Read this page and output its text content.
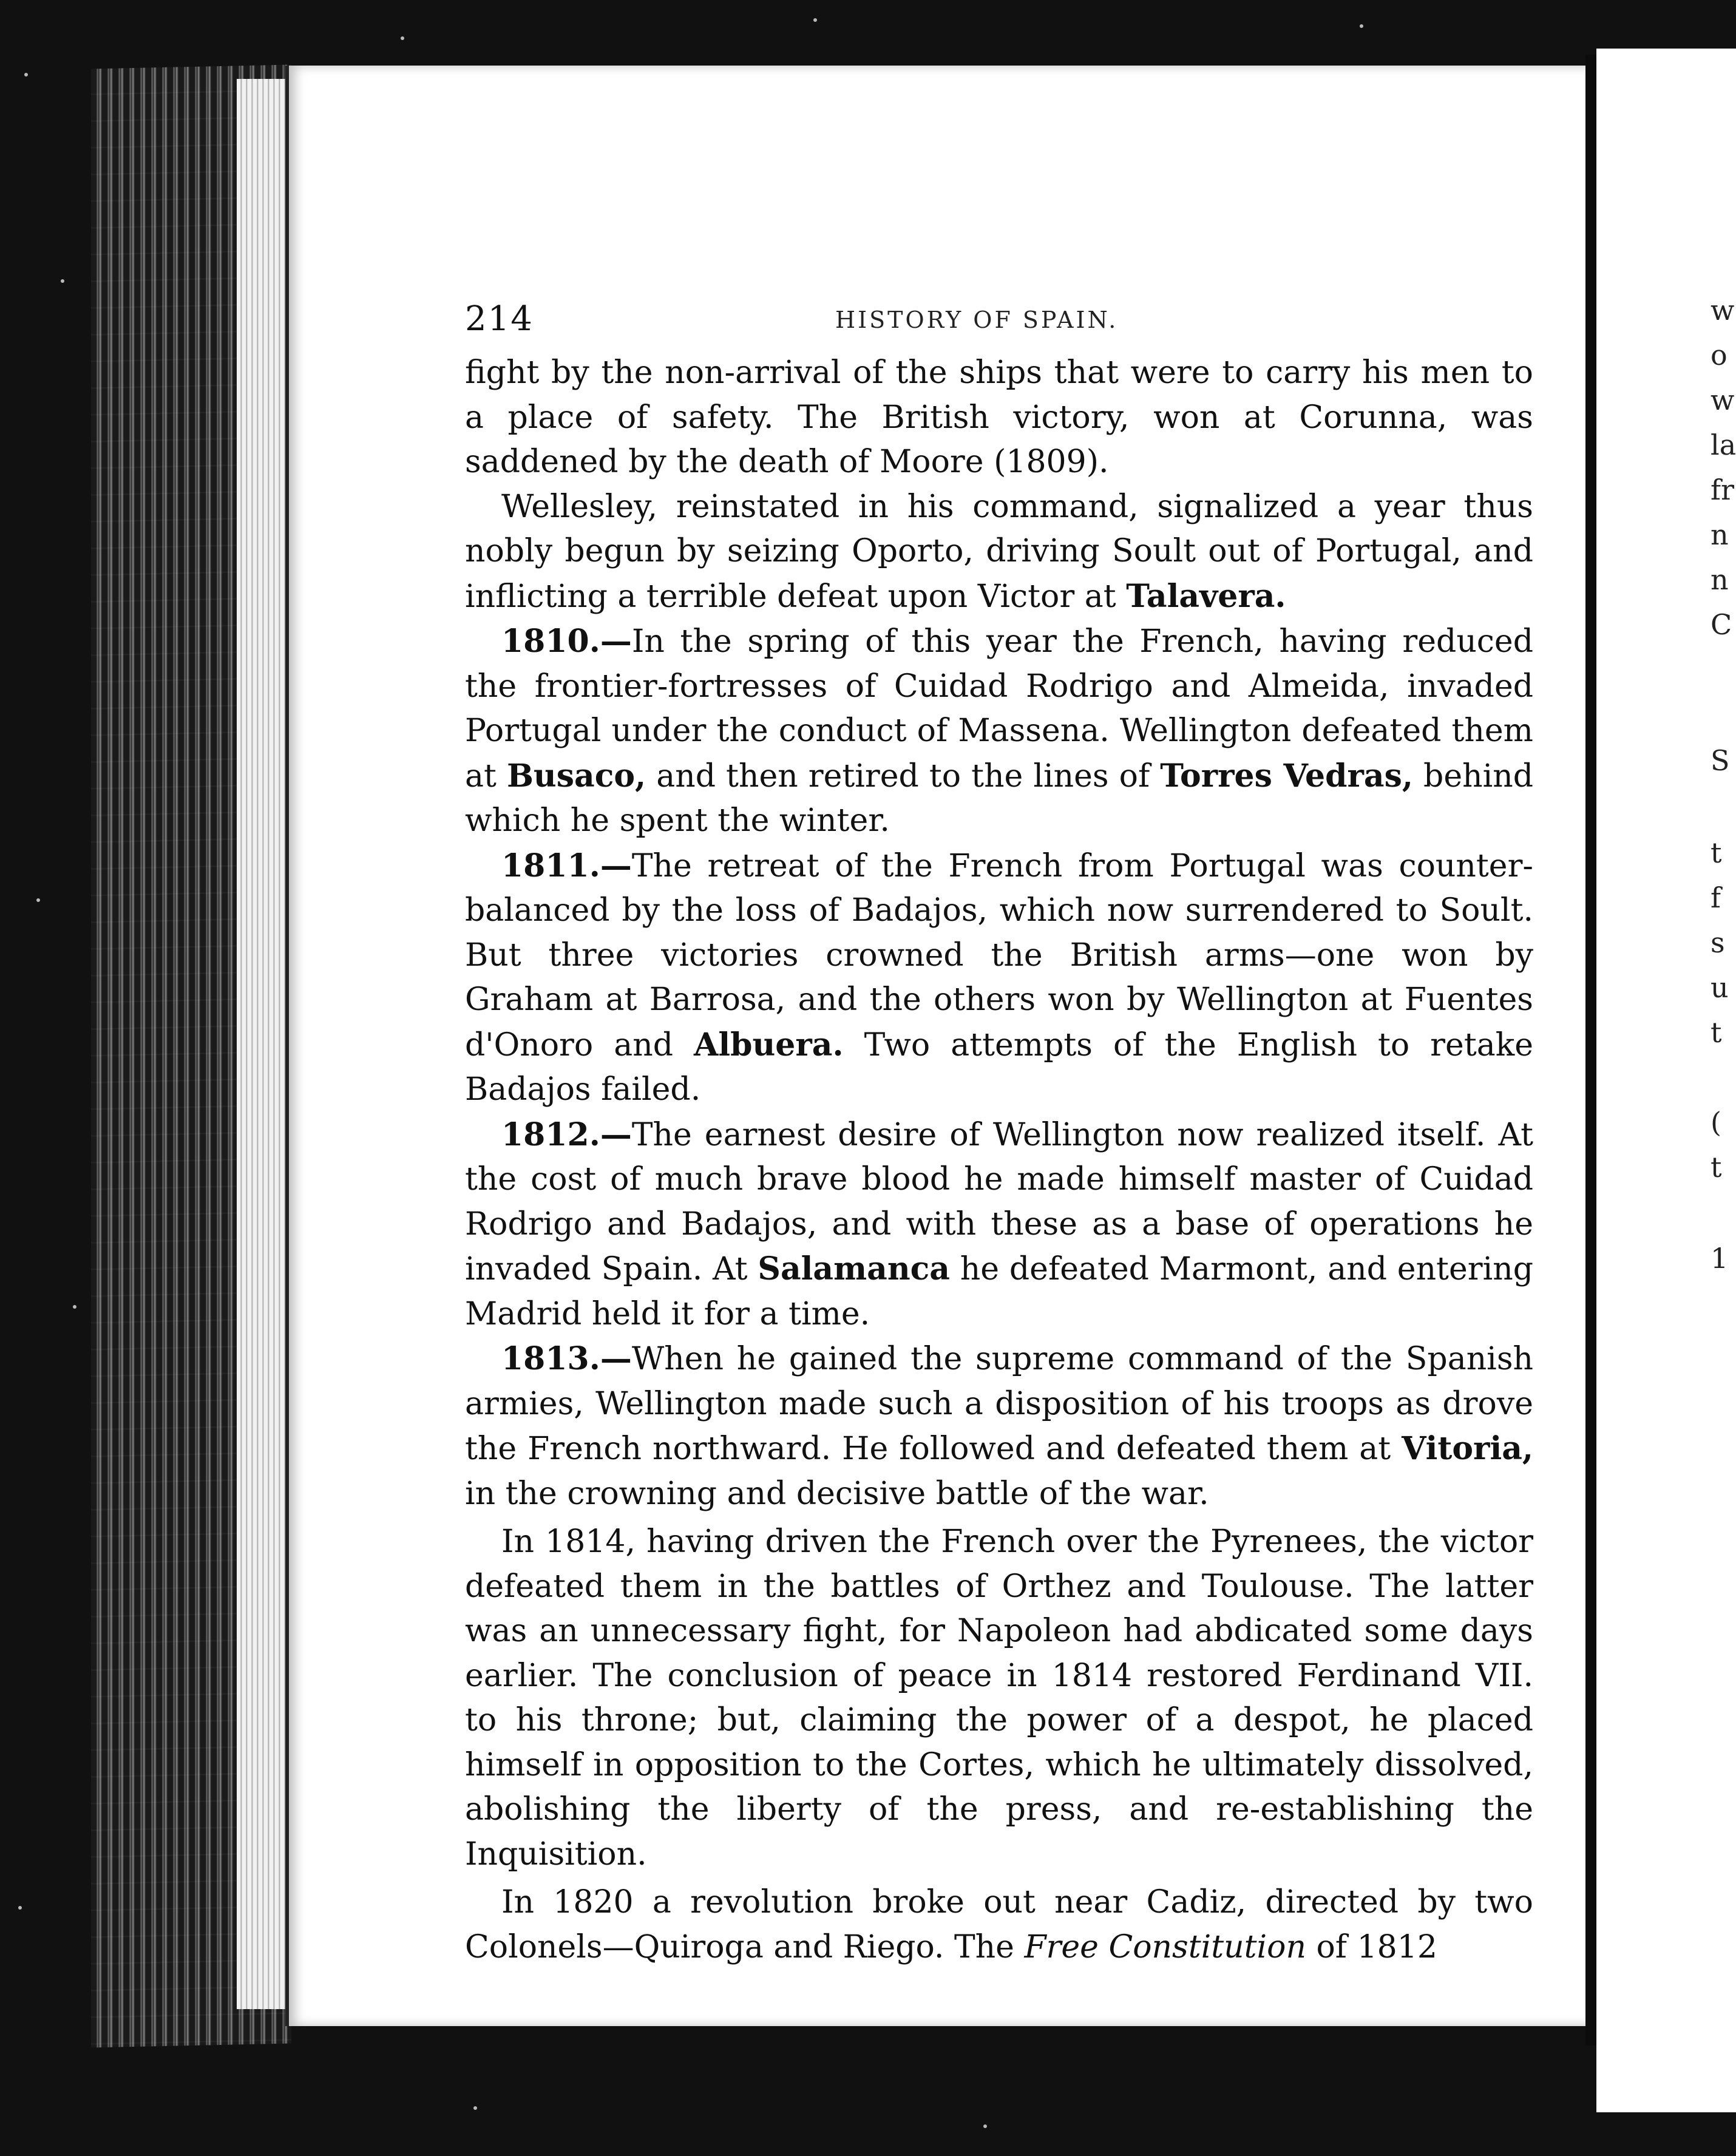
214	HISTORY OF SPAIN.

fight by the non-arrival of the ships that were to carry his men to a place of safety. The British victory, won at Corunna, was saddened by the death of Moore (1809).

Wellesley, reinstated in his command, signalized a year thus nobly begun by seizing Oporto, driving Soult out of Portugal, and inflicting a terrible defeat upon Victor at Talavera.

1810.—In the spring of this year the French, having reduced the frontier-fortresses of Cuidad Rodrigo and Almeida, invaded Portugal under the conduct of Massena. Wellington defeated them at Busaco, and then retired to the lines of Torres Vedras, behind which he spent the winter.

1811.—The retreat of the French from Portugal was counter-balanced by the loss of Badajos, which now surrendered to Soult. But three victories crowned the British arms—one won by Graham at Barrosa, and the others won by Wellington at Fuentes d'Onoro and Albuera. Two attempts of the English to retake Badajos failed.

1812.—The earnest desire of Wellington now realized itself. At the cost of much brave blood he made himself master of Cuidad Rodrigo and Badajos, and with these as a base of operations he invaded Spain. At Salamanca he defeated Marmont, and entering Madrid held it for a time.

1813.—When he gained the supreme command of the Spanish armies, Wellington made such a disposition of his troops as drove the French northward. He followed and defeated them at Vitoria, in the crowning and decisive battle of the war.

In 1814, having driven the French over the Pyrenees, the victor defeated them in the battles of Orthez and Toulouse. The latter was an unnecessary fight, for Napoleon had abdicated some days earlier. The conclusion of peace in 1814 restored Ferdinand VII. to his throne; but, claiming the power of a despot, he placed himself in opposition to the Cortes, which he ultimately dissolved, abolishing the liberty of the press, and re-establishing the Inquisition.

In 1820 a revolution broke out near Cadiz, directed by two Colonels—Quiroga and Riego. The Free Constitution of 1812

w
o
w
la
fr
n
n
C
S
t
f
s
u
t
(
t
1
